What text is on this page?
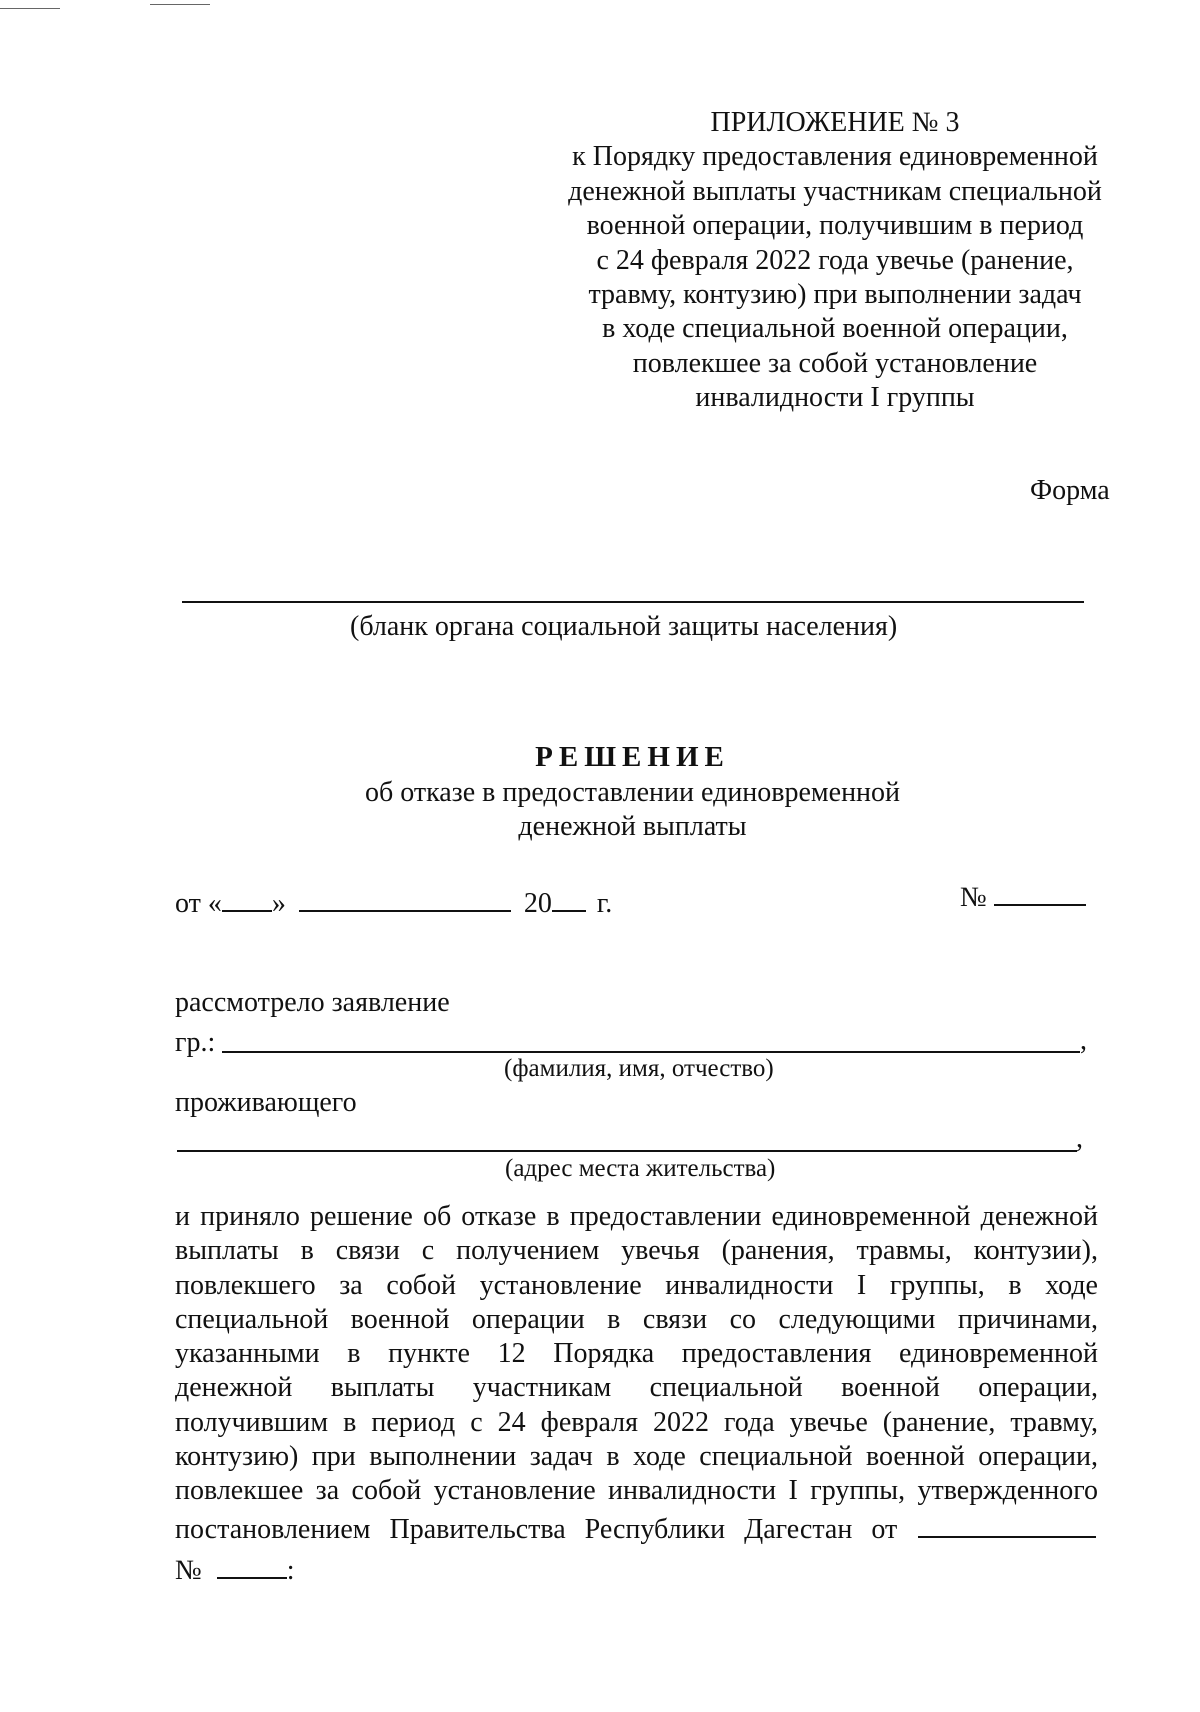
ПРИЛОЖЕНИЕ № 3
к Порядку предоставления единовременной
денежной выплаты участникам специальной
военной операции, получившим в период
с 24 февраля 2022 года увечье (ранение,
травму, контузию) при выполнении задач
в ходе специальной военной операции,
повлекшее за собой установление
инвалидности I группы
Форма
(бланк органа социальной защиты населения)
РЕШЕНИЕ
об отказе в предоставлении единовременной
денежной выплаты
от « »	20 г.	№
рассмотрело заявление
гр.:	,
(фамилия, имя, отчество)
проживающего
,
(адрес места жительства)
и приняло решение об отказе в предоставлении единовременной денежной
выплаты в связи с получением увечья (ранения, травмы, контузии),
повлекшего за собой установление инвалидности I группы, в ходе
специальной военной операции в связи со следующими причинами,
указанными в пункте 12 Порядка предоставления единовременной
денежной выплаты участникам специальной военной операции,
получившим в период с 24 февраля 2022 года увечье (ранение, травму,
контузию) при выполнении задач в ходе специальной военной операции,
повлекшее за собой установление инвалидности I группы, утвержденного
постановлением Правительства Республики Дагестан от
№	:
